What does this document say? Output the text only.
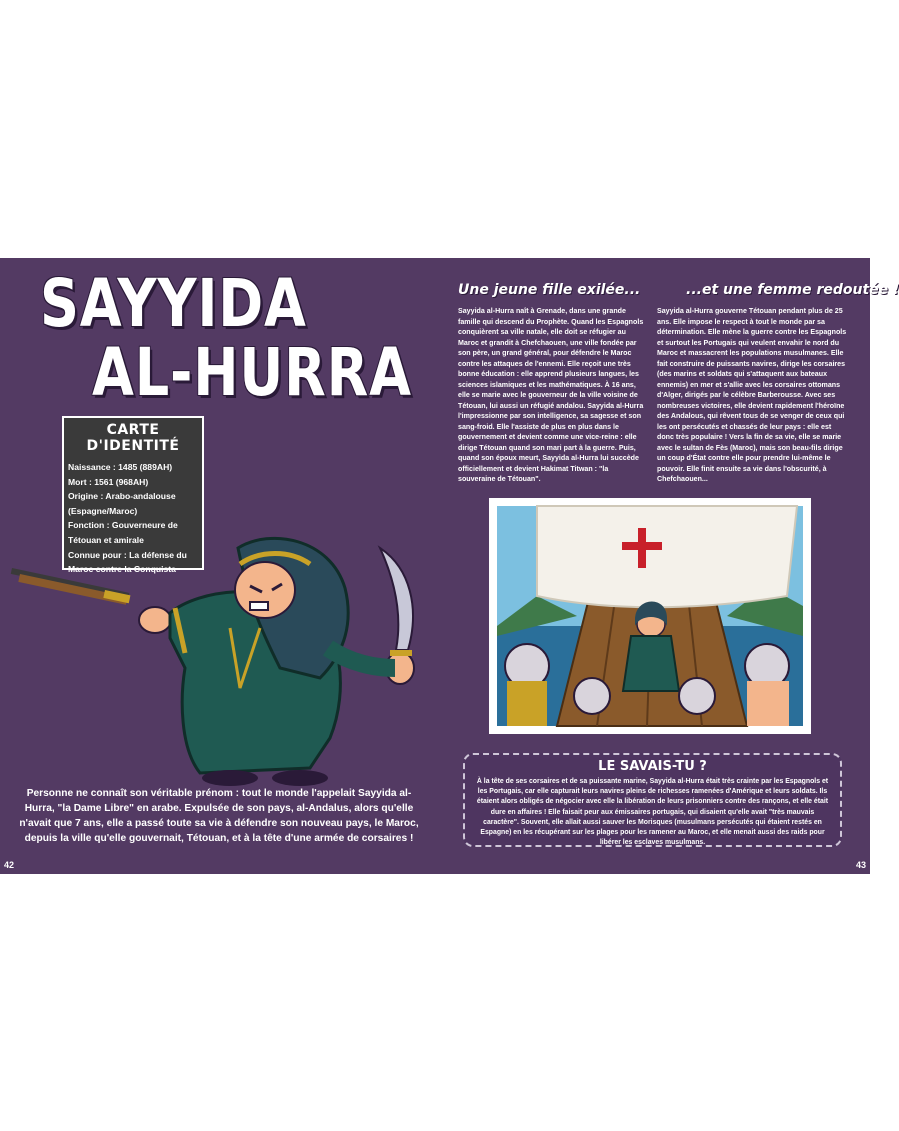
SAYYIDA
AL-HURRA
CARTE D'IDENTITÉ
Naissance : 1485 (889AH)
Mort : 1561 (968AH)
Origine : Arabo-andalouse
(Espagne/Maroc)
Fonction : Gouverneure de
Tétouan et amirale
Connue pour : La défense du
Maroc contre la Conquista
Personne ne connaît son véritable prénom : tout le monde l'appelait Sayyida al-Hurra, "la Dame Libre" en arabe. Expulsée de son pays, al-Andalus, alors qu'elle n'avait que 7 ans, elle a passé toute sa vie à défendre son nouveau pays, le Maroc, depuis la ville qu'elle gouvernait, Tétouan, et à la tête d'une armée de corsaires !
42	43
Une jeune fille exilée...
Sayyida al-Hurra naît à Grenade, dans une grande famille qui descend du Prophète. Quand les Espagnols conquièrent sa ville natale, elle doit se réfugier au Maroc et grandit à Chefchaouen, une ville fondée par son père, un grand général, pour défendre le Maroc contre les attaques de l'ennemi. Elle reçoit une très bonne éducation : elle apprend plusieurs langues, les sciences islamiques et les mathématiques. À 16 ans, elle se marie avec le gouverneur de la ville voisine de Tétouan, lui aussi un réfugié andalou. Sayyida al-Hurra l'impressionne par son intelligence, sa sagesse et son sang-froid. Elle l'assiste de plus en plus dans le gouvernement et devient comme une vice-reine : elle dirige Tétouan quand son mari part à la guerre. Puis, quand son époux meurt, Sayyida al-Hurra lui succède officiellement et devient Hakimat Titwan : "la souveraine de Tétouan".
...et une femme redoutée !
Sayyida al-Hurra gouverne Tétouan pendant plus de 25 ans. Elle impose le respect à tout le monde par sa détermination. Elle mène la guerre contre les Espagnols et surtout les Portugais qui veulent envahir le nord du Maroc et massacrent les populations musulmanes. Elle fait construire de puissants navires, dirige les corsaires (des marins et soldats qui s'attaquent aux bateaux ennemis) en mer et s'allie avec les corsaires ottomans d'Alger, dirigés par le célèbre Barberousse. Avec ses nombreuses victoires, elle devient rapidement l'héroïne des Andalous, qui rêvent tous de se venger de ceux qui les ont persécutés et chassés de leur pays : elle est donc très populaire ! Vers la fin de sa vie, elle se marie avec le sultan de Fès (Maroc), mais son beau-fils dirige un coup d'État contre elle pour prendre lui-même le pouvoir. Elle finit ensuite sa vie dans l'obscurité, à Chefchaouen...
LE SAVAIS-TU ?

À la tête de ses corsaires et de sa puissante marine, Sayyida al-Hurra était très crainte par les Espagnols et les Portugais, car elle capturait leurs navires pleins de richesses ramenées d'Amérique et leurs soldats. Ils étaient alors obligés de négocier avec elle la libération de leurs prisonniers contre des rançons, et elle était dure en affaires ! Elle faisait peur aux émissaires portugais, qui disaient qu'elle avait "très mauvais caractère". Souvent, elle allait aussi sauver les Morisques (musulmans persécutés qui étaient restés en Espagne) en les récupérant sur les plages pour les ramener au Maroc, et elle menait aussi des raids pour libérer les esclaves musulmans.
